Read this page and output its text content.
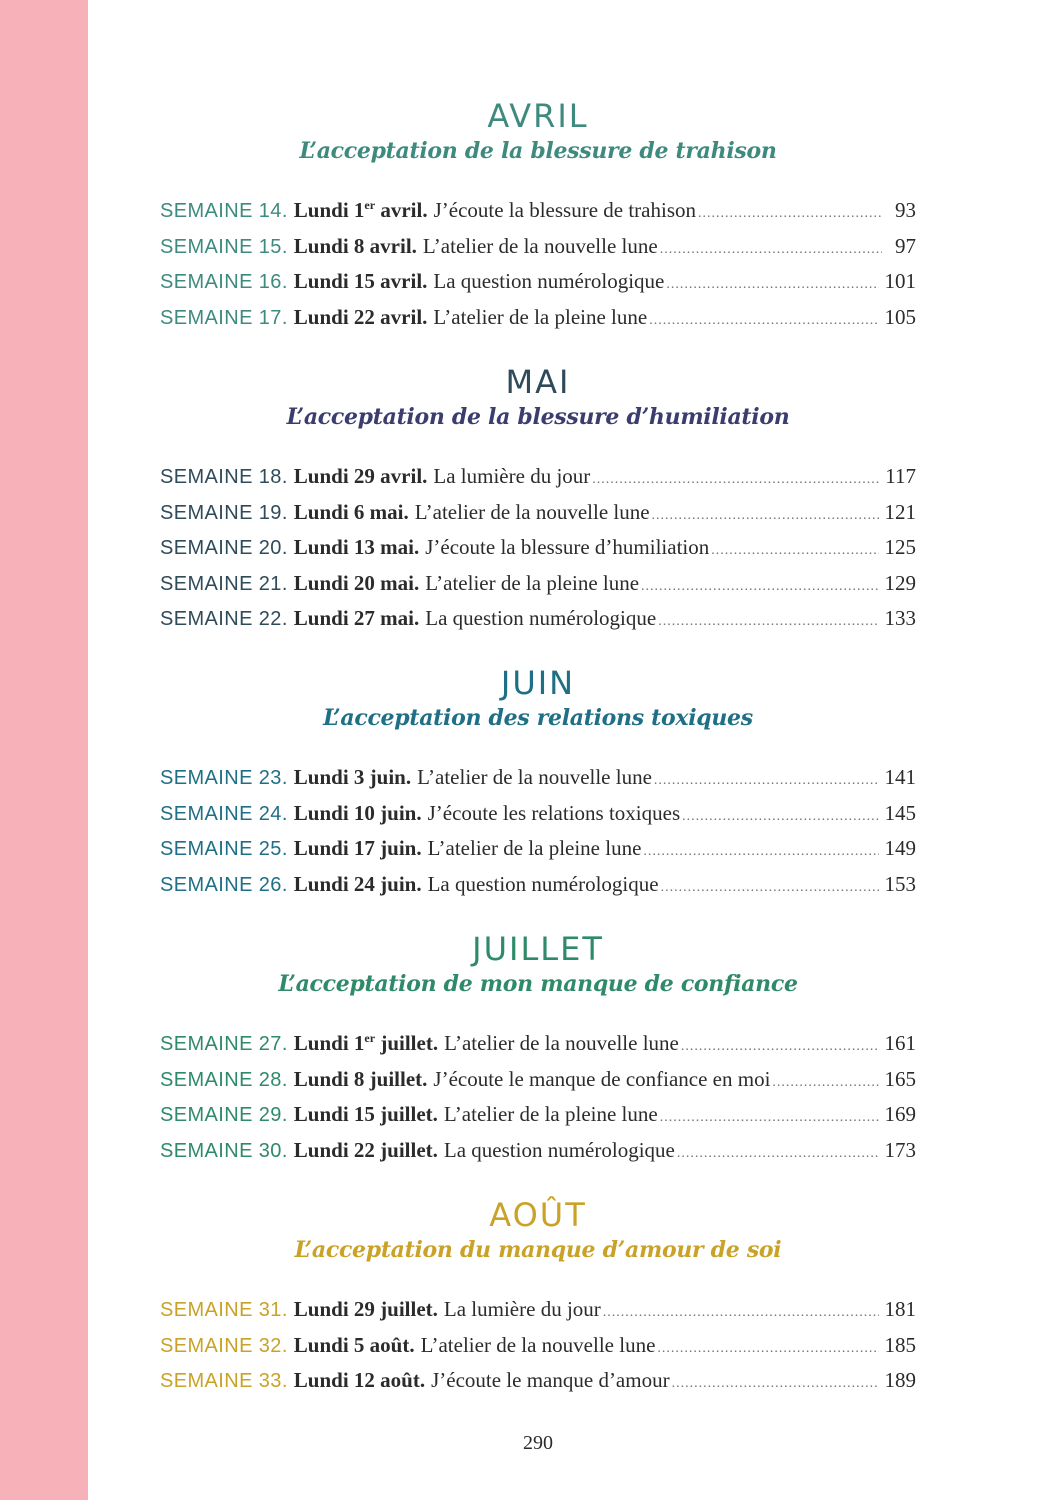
AVRIL
L’acceptation de la blessure de trahison
SEMAINE 14. Lundi 1er avril. J’écoute la blessure de trahison .....	93
SEMAINE 15. Lundi 8 avril. L’atelier de la nouvelle lune .....	97
SEMAINE 16. Lundi 15 avril. La question numérologique .....	101
SEMAINE 17. Lundi 22 avril. L’atelier de la pleine lune .....	105
MAI
L’acceptation de la blessure d’humiliation
SEMAINE 18. Lundi 29 avril. La lumière du jour .....	117
SEMAINE 19. Lundi 6 mai. L’atelier de la nouvelle lune .....	121
SEMAINE 20. Lundi 13 mai. J’écoute la blessure d’humiliation .....	125
SEMAINE 21. Lundi 20 mai. L’atelier de la pleine lune .....	129
SEMAINE 22. Lundi 27 mai. La question numérologique .....	133
JUIN
L’acceptation des relations toxiques
SEMAINE 23. Lundi 3 juin. L’atelier de la nouvelle lune .....	141
SEMAINE 24. Lundi 10 juin. J’écoute les relations toxiques .....	145
SEMAINE 25. Lundi 17 juin. L’atelier de la pleine lune .....	149
SEMAINE 26. Lundi 24 juin. La question numérologique .....	153
JUILLET
L’acceptation de mon manque de confiance
SEMAINE 27. Lundi 1er juillet. L’atelier de la nouvelle lune .....	161
SEMAINE 28. Lundi 8 juillet. J’écoute le manque de confiance en moi .....	165
SEMAINE 29. Lundi 15 juillet. L’atelier de la pleine lune .....	169
SEMAINE 30. Lundi 22 juillet. La question numérologique .....	173
AOÛT
L’acceptation du manque d’amour de soi
SEMAINE 31. Lundi 29 juillet. La lumière du jour .....	181
SEMAINE 32. Lundi 5 août. L’atelier de la nouvelle lune .....	185
SEMAINE 33. Lundi 12 août. J’écoute le manque d’amour .....	189
290
